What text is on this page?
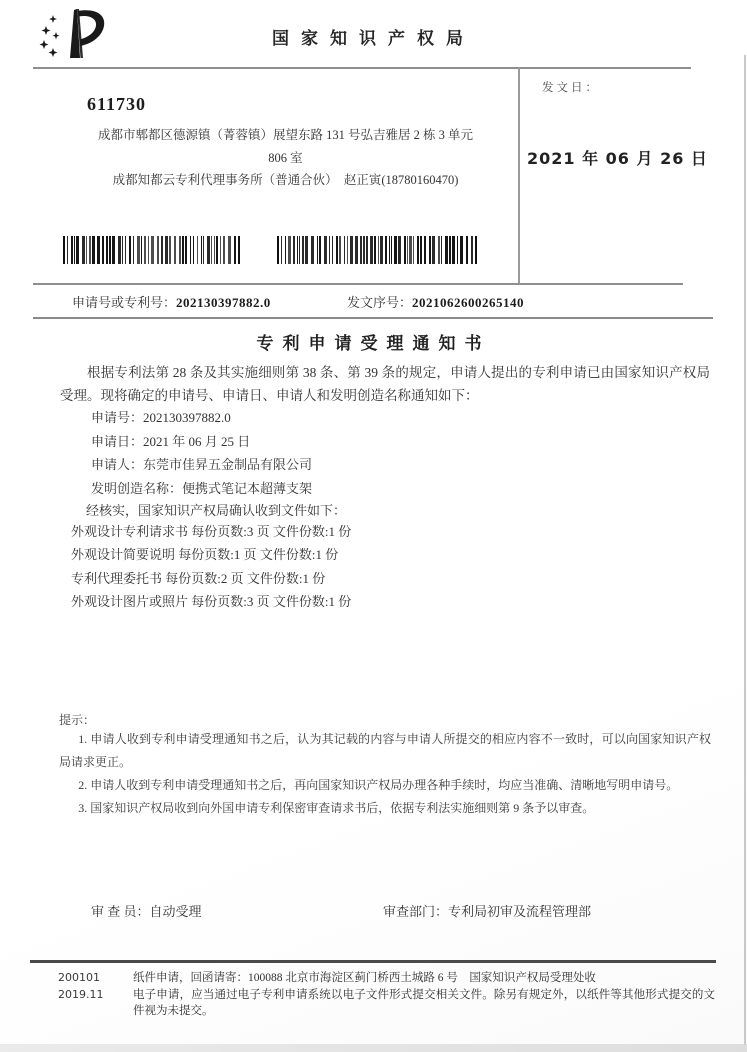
国家知识产权局
611730
成都市郫都区德源镇（菁蓉镇）展望东路 131 号弘吉雅居 2 栋 3 单元
806 室
成都知都云专利代理事务所（普通合伙）　赵正寅(18780160470)
发文日：
2021 年 06 月 26 日
申请号或专利号：202130397882.0	发文序号：2021062600265140
专利申请受理通知书
根据专利法第 28 条及其实施细则第 38 条、第 39 条的规定，申请人提出的专利申请已由国家知识产权局受理。现将确定的申请号、申请日、申请人和发明创造名称通知如下：
申请号：202130397882.0
申请日：2021 年 06 月 25 日
申请人：东莞市佳昇五金制品有限公司
发明创造名称：便携式笔记本超薄支架
经核实，国家知识产权局确认收到文件如下：
外观设计专利请求书 每份页数:3 页 文件份数:1 份
外观设计简要说明 每份页数:1 页 文件份数:1 份
专利代理委托书 每份页数:2 页 文件份数:1 份
外观设计图片或照片 每份页数:3 页 文件份数:1 份
提示：

1. 申请人收到专利申请受理通知书之后，认为其记载的内容与申请人所提交的相应内容不一致时，可以向国家知识产权局请求更正。

2. 申请人收到专利申请受理通知书之后，再向国家知识产权局办理各种手续时，均应当准确、清晰地写明申请号。

3. 国家知识产权局收到向外国申请专利保密审查请求书后，依据专利法实施细则第 9 条予以审查。

审 查 员：自动受理	审查部门：专利局初审及流程管理部
200101
2019.11

纸件申请，回函请寄：100088 北京市海淀区蓟门桥西土城路 6 号　国家知识产权局受理处收

电子申请，应当通过电子专利申请系统以电子文件形式提交相关文件。除另有规定外，以纸件等其他形式提交的文件视为未提交。
